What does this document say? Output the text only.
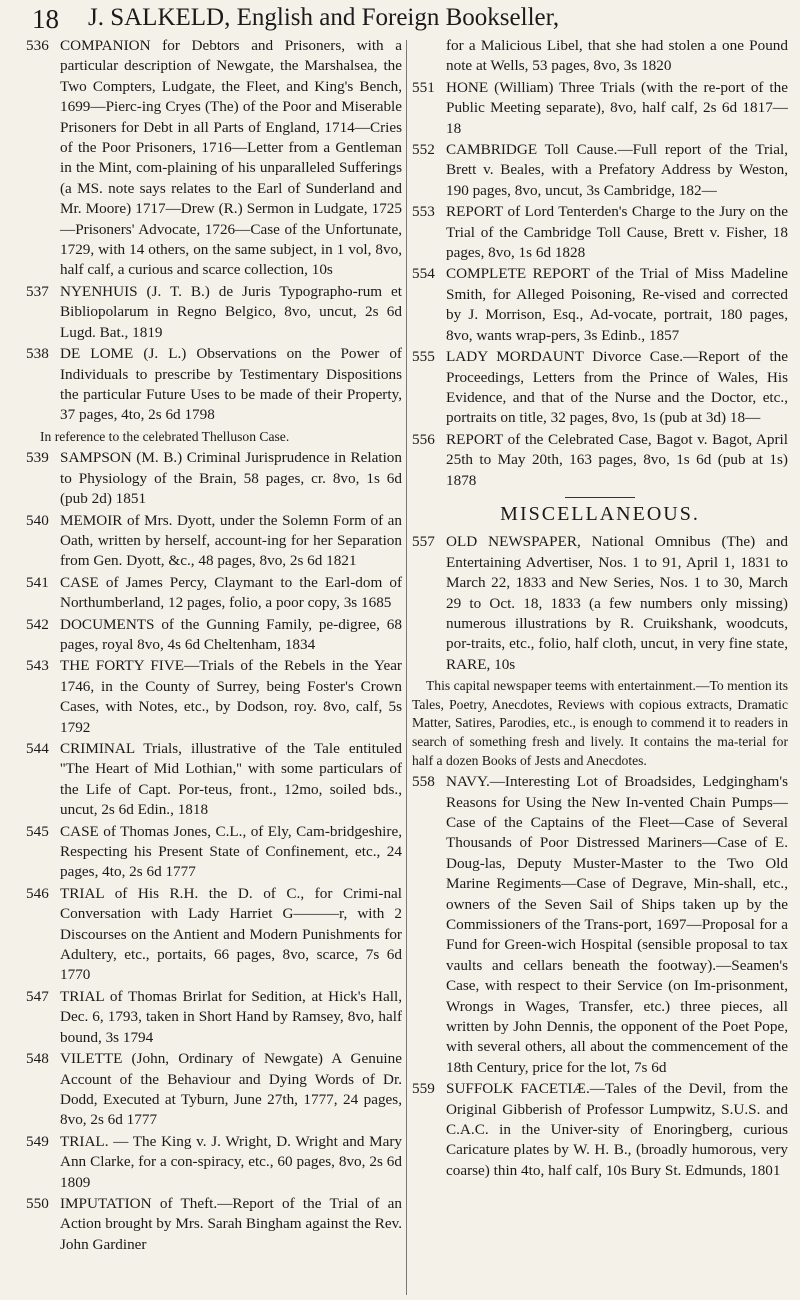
18 J. SALKELD, English and Foreign Bookseller,
536 COMPANION for Debtors and Prisoners, with a particular description of Newgate, the Marshalsea, the Two Compters, Ludgate, the Fleet, and King's Bench, 1699—Pierc-ing Cryes (The) of the Poor and Miserable Prisoners for Debt in all Parts of England, 1714—Cries of the Poor Prisoners, 1716—Letter from a Gentleman in the Mint, com-plaining of his unparalleled Sufferings (a MS. note says relates to the Earl of Sunderland and Mr. Moore) 1717—Drew (R.) Sermon in Ludgate, 1725—Prisoners' Advocate, 1726—Case of the Unfortunate, 1729, with 14 others, on the same subject, in 1 vol, 8vo, half calf, a curious and scarce collection, 10s
537 NYENHUIS (J. T. B.) de Juris Typographo-rum et Bibliopolarum in Regno Belgico, 8vo, uncut, 2s 6d Lugd. Bat., 1819
538 DE LOME (J. L.) Observations on the Power of Individuals to prescribe by Testimentary Dispositions the particular Future Uses to be made of their Property, 37 pages, 4to, 2s 6d 1798
In reference to the celebrated Thelluson Case.
539 SAMPSON (M. B.) Criminal Jurisprudence in Relation to Physiology of the Brain, 58 pages, cr. 8vo, 1s 6d (pub 2d) 1851
540 MEMOIR of Mrs. Dyott, under the Solemn Form of an Oath, written by herself, account-ing for her Separation from Gen. Dyott, &c., 48 pages, 8vo, 2s 6d 1821
541 CASE of James Percy, Claymant to the Earl-dom of Northumberland, 12 pages, folio, a poor copy, 3s 1685
542 DOCUMENTS of the Gunning Family, pe-digree, 68 pages, royal 8vo, 4s 6d Cheltenham, 1834
543 THE FORTY FIVE—Trials of the Rebels in the Year 1746, in the County of Surrey, being Foster's Crown Cases, with Notes, etc., by Dodson, roy. 8vo, calf, 5s 1792
544 CRIMINAL Trials, illustrative of the Tale entituled ''The Heart of Mid Lothian,'' with some particulars of the Life of Capt. Por-teus, front., 12mo, soiled bds., uncut, 2s 6d Edin., 1818
545 CASE of Thomas Jones, C.L., of Ely, Cam-bridgeshire, Respecting his Present State of Confinement, etc., 24 pages, 4to, 2s 6d 1777
546 TRIAL of His R.H. the D. of C., for Crimi-nal Conversation with Lady Harriet G———r, with 2 Discourses on the Antient and Modern Punishments for Adultery, etc., portaits, 66 pages, 8vo, scarce, 7s 6d 1770
547 TRIAL of Thomas Brirlat for Sedition, at Hick's Hall, Dec. 6, 1793, taken in Short Hand by Ramsey, 8vo, half bound, 3s 1794
548 VILETTE (John, Ordinary of Newgate) A Genuine Account of the Behaviour and Dying Words of Dr. Dodd, Executed at Tyburn, June 27th, 1777, 24 pages, 8vo, 2s 6d 1777
549 TRIAL. — The King v. J. Wright, D. Wright and Mary Ann Clarke, for a con-spiracy, etc., 60 pages, 8vo, 2s 6d 1809
550 IMPUTATION of Theft.—Report of the Trial of an Action brought by Mrs. Sarah Bingham against the Rev. John Gardiner
for a Malicious Libel, that she had stolen a one Pound note at Wells, 53 pages, 8vo, 3s 1820
551 HONE (William) Three Trials (with the re-port of the Public Meeting separate), 8vo, half calf, 2s 6d 1817—18
552 CAMBRIDGE Toll Cause.—Full report of the Trial, Brett v. Beales, with a Prefatory Address by Weston, 190 pages, 8vo, uncut, 3s Cambridge, 182—
553 REPORT of Lord Tenterden's Charge to the Jury on the Trial of the Cambridge Toll Cause, Brett v. Fisher, 18 pages, 8vo, 1s 6d 1828
554 COMPLETE REPORT of the Trial of Miss Madeline Smith, for Alleged Poisoning, Re-vised and corrected by J. Morrison, Esq., Ad-vocate, portrait, 180 pages, 8vo, wants wrap-pers, 3s Edinb., 1857
555 LADY MORDAUNT Divorce Case.—Report of the Proceedings, Letters from the Prince of Wales, His Evidence, and that of the Nurse and the Doctor, etc., portraits on title, 32 pages, 8vo, 1s (pub at 3d) 18—
556 REPORT of the Celebrated Case, Bagot v. Bagot, April 25th to May 20th, 163 pages, 8vo, 1s 6d (pub at 1s) 1878
MISCELLANEOUS.
557 OLD NEWSPAPER, National Omnibus (The) and Entertaining Advertiser, Nos. 1 to 91, April 1, 1831 to March 22, 1833 and New Series, Nos. 1 to 30, March 29 to Oct. 18, 1833 (a few numbers only missing) numerous illustrations by R. Cruikshank, woodcuts, por-traits, etc., folio, half cloth, uncut, in very fine state, RARE, 10s
This capital newspaper teems with entertainment.—To mention its Tales, Poetry, Anecdotes, Reviews with copious extracts, Dramatic Matter, Satires, Parodies, etc., is enough to commend it to readers in search of something fresh and lively. It contains the ma-terial for half a dozen Books of Jests and Anecdotes.
558 NAVY.—Interesting Lot of Broadsides, Ledgingham's Reasons for Using the New In-vented Chain Pumps—Case of the Captains of the Fleet—Case of Several Thousands of Poor Distressed Mariners—Case of E. Doug-las, Deputy Muster-Master to the Two Old Marine Regiments—Case of Degrave, Min-shall, etc., owners of the Seven Sail of Ships taken up by the Commissioners of the Trans-port, 1697—Proposal for a Fund for Green-wich Hospital (sensible proposal to tax vaults and cellars beneath the footway).—Seamen's Case, with respect to their Service (on Im-prisonment, Wrongs in Wages, Transfer, etc.) three pieces, all written by John Dennis, the opponent of the Poet Pope, with several others, all about the commencement of the 18th Century, price for the lot, 7s 6d
559 SUFFOLK FACETIÆ.—Tales of the Devil, from the Original Gibberish of Professor Lumpwitz, S.U.S. and C.A.C. in the Univer-sity of Enoringberg, curious Caricature plates by W. H. B., (broadly humorous, very coarse) thin 4to, half calf, 10s Bury St. Edmunds, 1801
